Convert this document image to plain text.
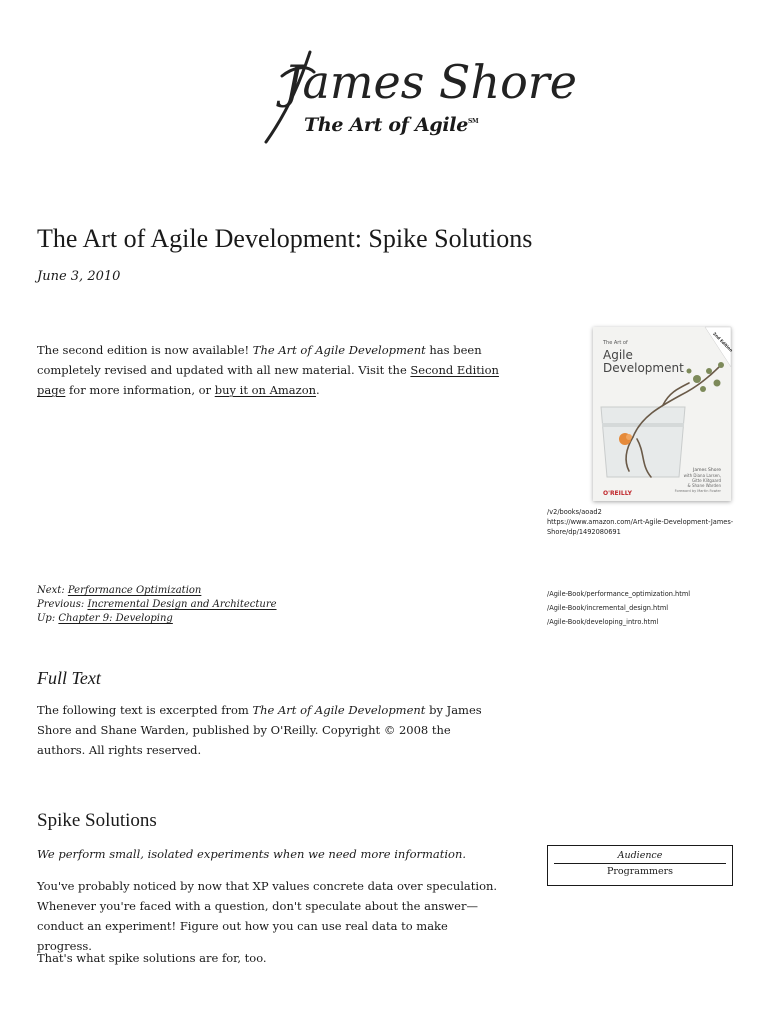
James Shore
The Art of Agile℠
The Art of Agile Development: Spike Solutions
June 3, 2010

The second edition is now available! The Art of Agile Development has been completely revised and updated with all new material. Visit the Second Edition page for more information, or buy it on Amazon.

The Art of
Agile
Development
2nd Edition
James Shore
with Diana Larsen,
Gitte Klitgaard
& Shane Warden
Foreword by Martin Fowler
O'REILLY
/v2/books/aoad2
https://www.amazon.com/Art-Agile-Development-James-Shore/dp/1492080691
Next: Performance Optimization
Previous: Incremental Design and Architecture
Up: Chapter 9: Developing
/Agile-Book/performance_optimization.html
/Agile-Book/incremental_design.html
/Agile-Book/developing_intro.html
Full Text

The following text is excerpted from The Art of Agile Development by James Shore and Shane Warden, published by O'Reilly. Copyright © 2008 the authors. All rights reserved.

Spike Solutions

We perform small, isolated experiments when we need more information.

You've probably noticed by now that XP values concrete data over speculation. Whenever you're faced with a question, don't speculate about the answer—conduct an experiment! Figure out how you can use real data to make progress.

That's what spike solutions are for, too.

Audience
Programmers
